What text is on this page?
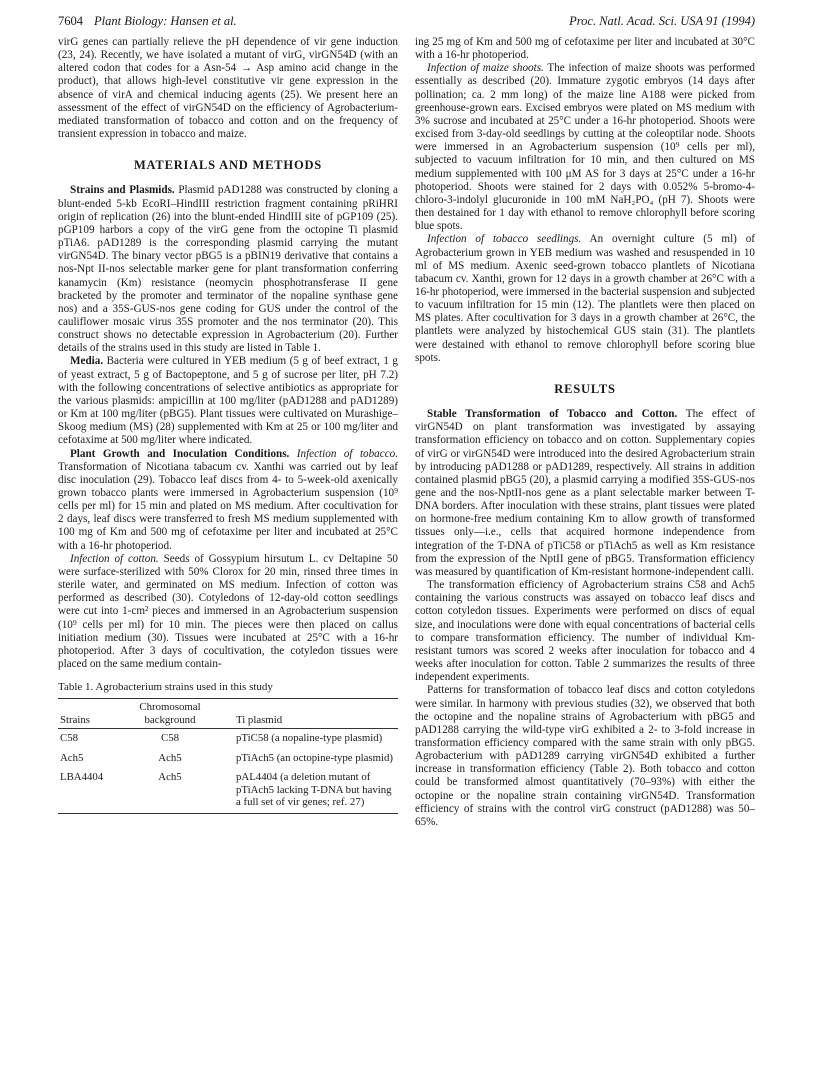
7604 Plant Biology: Hansen et al.	Proc. Natl. Acad. Sci. USA 91 (1994)

virG genes can partially relieve the pH dependence of vir gene induction (23, 24). Recently, we have isolated a mutant of virG, virGN54D (with an altered codon that codes for a Asn-54 → Asp amino acid change in the product), that allows high-level constitutive vir gene expression in the absence of virA and chemical inducing agents (25). We present here an assessment of the effect of virGN54D on the efficiency of Agrobacterium-mediated transformation of tobacco and cotton and on the frequency of transient expression in tobacco and maize.

MATERIALS AND METHODS

Strains and Plasmids. Plasmid pAD1288 was constructed by cloning a blunt-ended 5-kb EcoRI–HindIII restriction fragment containing pRiHRI origin of replication (26) into the blunt-ended HindIII site of pGP109 (25). pGP109 harbors a copy of the virG gene from the octopine Ti plasmid pTiA6. pAD1289 is the corresponding plasmid carrying the mutant virGN54D. The binary vector pBG5 is a pBIN19 derivative that contains a nos-Npt II-nos selectable marker gene for plant transformation conferring kanamycin (Km) resistance (neomycin phosphotransferase II gene bracketed by the promoter and terminator of the nopaline synthase gene nos) and a 35S-GUS-nos gene coding for GUS under the control of the cauliflower mosaic virus 35S promoter and the nos terminator (20). This construct shows no detectable expression in Agrobacterium (20). Further details of the strains used in this study are listed in Table 1.

Media. Bacteria were cultured in YEB medium (5 g of beef extract, 1 g of yeast extract, 5 g of Bactopeptone, and 5 g of sucrose per liter, pH 7.2) with the following concentrations of selective antibiotics as appropriate for the various plasmids: ampicillin at 100 mg/liter (pAD1288 and pAD1289) or Km at 100 mg/liter (pBG5). Plant tissues were cultivated on Murashige–Skoog medium (MS) (28) supplemented with Km at 25 or 100 mg/liter and cefotaxime at 500 mg/liter where indicated.

Plant Growth and Inoculation Conditions. Infection of tobacco. Transformation of Nicotiana tabacum cv. Xanthi was carried out by leaf disc inoculation (29). Tobacco leaf discs from 4- to 5-week-old axenically grown tobacco plants were immersed in Agrobacterium suspension (10⁹ cells per ml) for 15 min and plated on MS medium. After cocultivation for 2 days, leaf discs were transferred to fresh MS medium supplemented with 100 mg of Km and 500 mg of cefotaxime per liter and incubated at 25°C with a 16-hr photoperiod.

Infection of cotton. Seeds of Gossypium hirsutum L. cv Deltapine 50 were surface-sterilized with 50% Clorox for 20 min, rinsed three times in sterile water, and germinated on MS medium. Infection of cotton was performed as described (30). Cotyledons of 12-day-old cotton seedlings were cut into 1-cm² pieces and immersed in an Agrobacterium suspension (10⁹ cells per ml) for 10 min. The pieces were then placed on callus initiation medium (30). Tissues were incubated at 25°C with a 16-hr photoperiod. After 3 days of cocultivation, the cotyledon tissues were placed on the same medium contain-

Table 1. Agrobacterium strains used in this study
Strains	Chromosomal background	Ti plasmid
C58	C58	pTiC58 (a nopaline-type plasmid)
Ach5	Ach5	pTiAch5 (an octopine-type plasmid)
LBA4404	Ach5	pAL4404 (a deletion mutant of pTiAch5 lacking T-DNA but having a full set of vir genes; ref. 27)

ing 25 mg of Km and 500 mg of cefotaxime per liter and incubated at 30°C with a 16-hr photoperiod.

Infection of maize shoots. The infection of maize shoots was performed essentially as described (20). Immature zygotic embryos (14 days after pollination; ca. 2 mm long) of the maize line A188 were picked from greenhouse-grown ears. Excised embryos were plated on MS medium with 3% sucrose and incubated at 25°C under a 16-hr photoperiod. Shoots were excised from 3-day-old seedlings by cutting at the coleoptilar node. Shoots were immersed in an Agrobacterium suspension (10⁹ cells per ml), subjected to vacuum infiltration for 10 min, and then cultured on MS medium supplemented with 100 μM AS for 3 days at 25°C under a 16-hr photoperiod. Shoots were stained for 2 days with 0.052% 5-bromo-4-chloro-3-indolyl glucuronide in 100 mM NaH₂PO₄ (pH 7). Shoots were then destained for 1 day with ethanol to remove chlorophyll before scoring blue spots.

Infection of tobacco seedlings. An overnight culture (5 ml) of Agrobacterium grown in YEB medium was washed and resuspended in 10 ml of MS medium. Axenic seed-grown tobacco plantlets of Nicotiana tabacum cv. Xanthi, grown for 12 days in a growth chamber at 26°C with a 16-hr photoperiod, were immersed in the bacterial suspension and subjected to vacuum infiltration for 15 min (12). The plantlets were then placed on MS plates. After cocultivation for 3 days in a growth chamber at 26°C, the plantlets were analyzed by histochemical GUS stain (31). The plantlets were destained with ethanol to remove chlorophyll before scoring blue spots.

RESULTS

Stable Transformation of Tobacco and Cotton. The effect of virGN54D on plant transformation was investigated by assaying transformation efficiency on tobacco and on cotton. Supplementary copies of virG or virGN54D were introduced into the desired Agrobacterium strain by introducing pAD1288 or pAD1289, respectively. All strains in addition contained plasmid pBG5 (20), a plasmid carrying a modified 35S-GUS-nos gene and the nos-NptII-nos gene as a plant selectable marker between T-DNA borders. After inoculation with these strains, plant tissues were plated on hormone-free medium containing Km to allow growth of transformed tissues only—i.e., cells that acquired hormone independence from integration of the T-DNA of pTiC58 or pTiAch5 as well as Km resistance from the expression of the NptII gene of pBG5. Transformation efficiency was measured by quantification of Km-resistant hormone-independent calli.

The transformation efficiency of Agrobacterium strains C58 and Ach5 containing the various constructs was assayed on tobacco leaf discs and cotton cotyledon tissues. Experiments were performed on discs of equal size, and inoculations were done with equal concentrations of bacterial cells to compare transformation efficiency. The number of individual Km-resistant tumors was scored 2 weeks after inoculation for tobacco and 4 weeks after inoculation for cotton. Table 2 summarizes the results of three independent experiments.

Patterns for transformation of tobacco leaf discs and cotton cotyledons were similar. In harmony with previous studies (32), we observed that both the octopine and the nopaline strains of Agrobacterium with pBG5 and pAD1288 carrying the wild-type virG exhibited a 2- to 3-fold increase in transformation efficiency compared with the same strain with only pBG5. Agrobacterium with pAD1289 carrying virGN54D exhibited a further increase in transformation efficiency (Table 2). Both tobacco and cotton could be transformed almost quantitatively (70–93%) with either the octopine or the nopaline strain containing virGN54D. Transformation efficiency of strains with the control virG construct (pAD1288) was 50–65%.
